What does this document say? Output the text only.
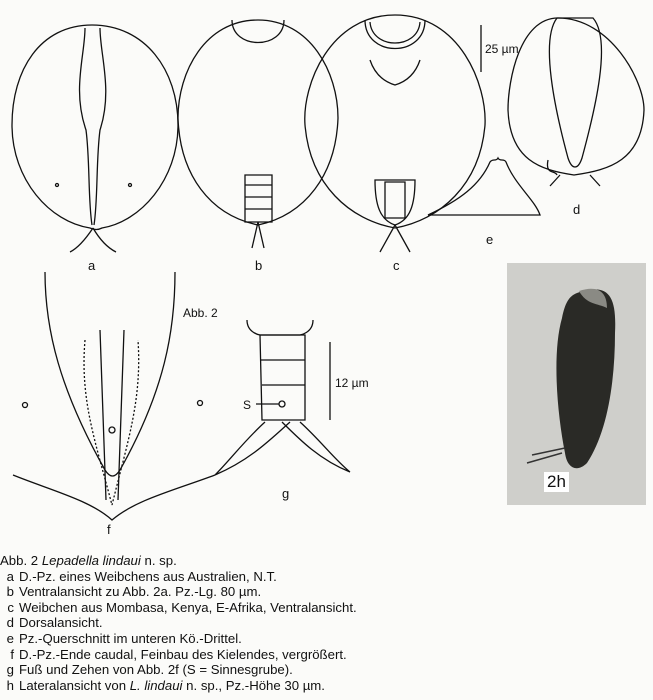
a	b	c
d
e
f
g
Abb. 2
25 µm
12 µm
S
2h
Abb. 2
Lepadella lindaui
n. sp.
a D.-Pz. eines Weibchens aus Australien, N.T.
b Ventralansicht zu Abb. 2a. Pz.-Lg. 80 µm.
c Weibchen aus Mombasa, Kenya, E-Afrika, Ventralansicht.
d Dorsalansicht.
e Pz.-Querschnitt im unteren Kö.-Drittel.
f D.-Pz.-Ende caudal, Feinbau des Kielendes, vergrößert.
g Fuß und Zehen von Abb. 2f (S = Sinnesgrube).
h Lateralansicht von L. lindaui n. sp., Pz.-Höhe 30 µm.
